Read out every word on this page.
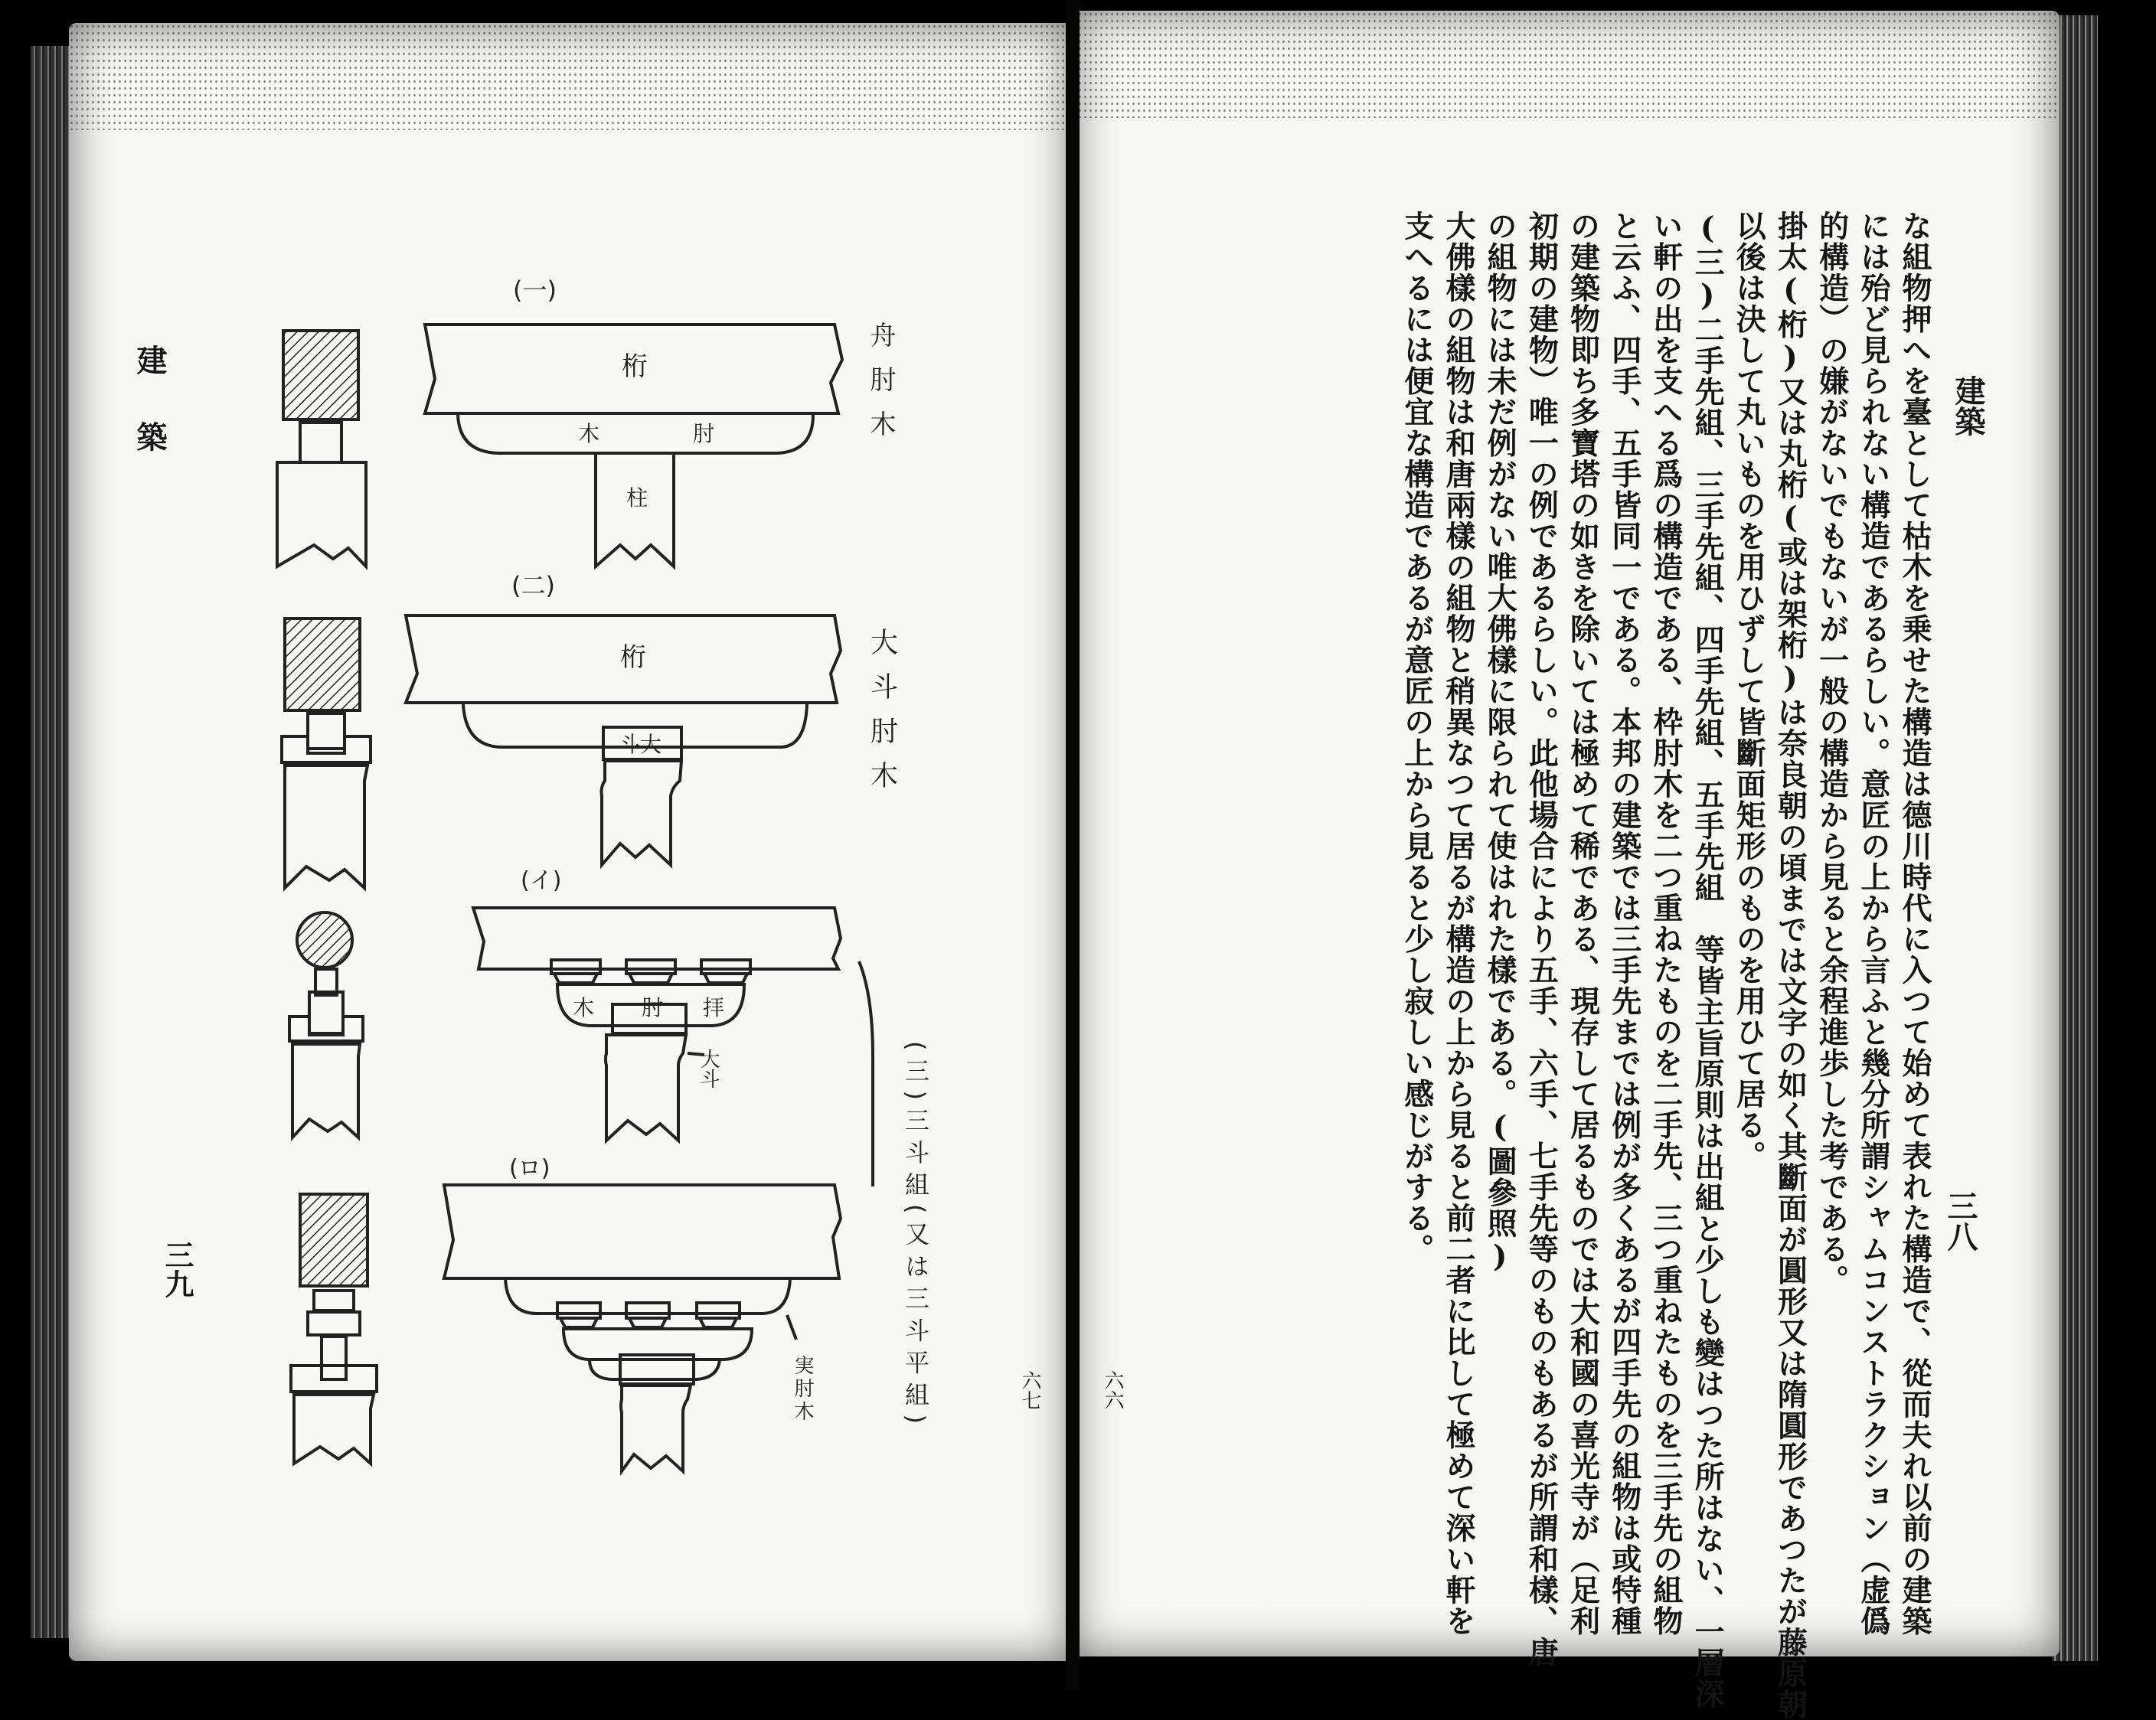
建築
三九
六七
建築
三八
六六	な組物押へを臺として枯木を乗せた構造は德川時代に入つて始めて表れた構造で、從而夫れ以前の建築
には殆ど見られない構造であるらしい。意匠の上から言ふと幾分所謂シャムコンストラクション（虚僞
的構造）の嫌がないでもないが一般の構造から見ると余程進歩した考である。
掛太(桁)又は丸桁(或は架桁)は奈良朝の頃までは文字の如く其斷面が圓形又は隋圓形であつたが藤原朝
以後は決して丸いものを用ひずして皆斷面矩形のものを用ひて居る。
(三)二手先組、三手先組、四手先組、五手先組　等皆主旨原則は出組と少しも變はつた所はない、一層深
い軒の出を支へる爲の構造である、枠肘木を二つ重ねたものを二手先、三つ重ねたものを三手先の組物
と云ふ、四手、五手皆同一である。本邦の建築では三手先までは例が多くあるが四手先の組物は或特種
の建築物即ち多寶塔の如きを除いては極めて稀である、現存して居るものでは大和國の喜光寺が（足利
初期の建物）唯一の例であるらしい。此他場合により五手、六手、七手先等のものもあるが所謂和樣、唐
の組物には未だ例がない唯大佛樣に限られて使はれた樣である。(圖參照)
大佛樣の組物は和唐兩樣の組物と稍異なつて居るが構造の上から見ると前二者に比して極めて深い軒を
支へるには便宜な構造であるが意匠の上から見ると少し寂しい感じがする。
(一)
桁
木	肘
柱
舟肘木
(二)
桁
斗大	大斗肘木
(イ)
木 肘 拝
大斗	(三)三斗組(又は三斗平組)
(ロ)
実肘木
